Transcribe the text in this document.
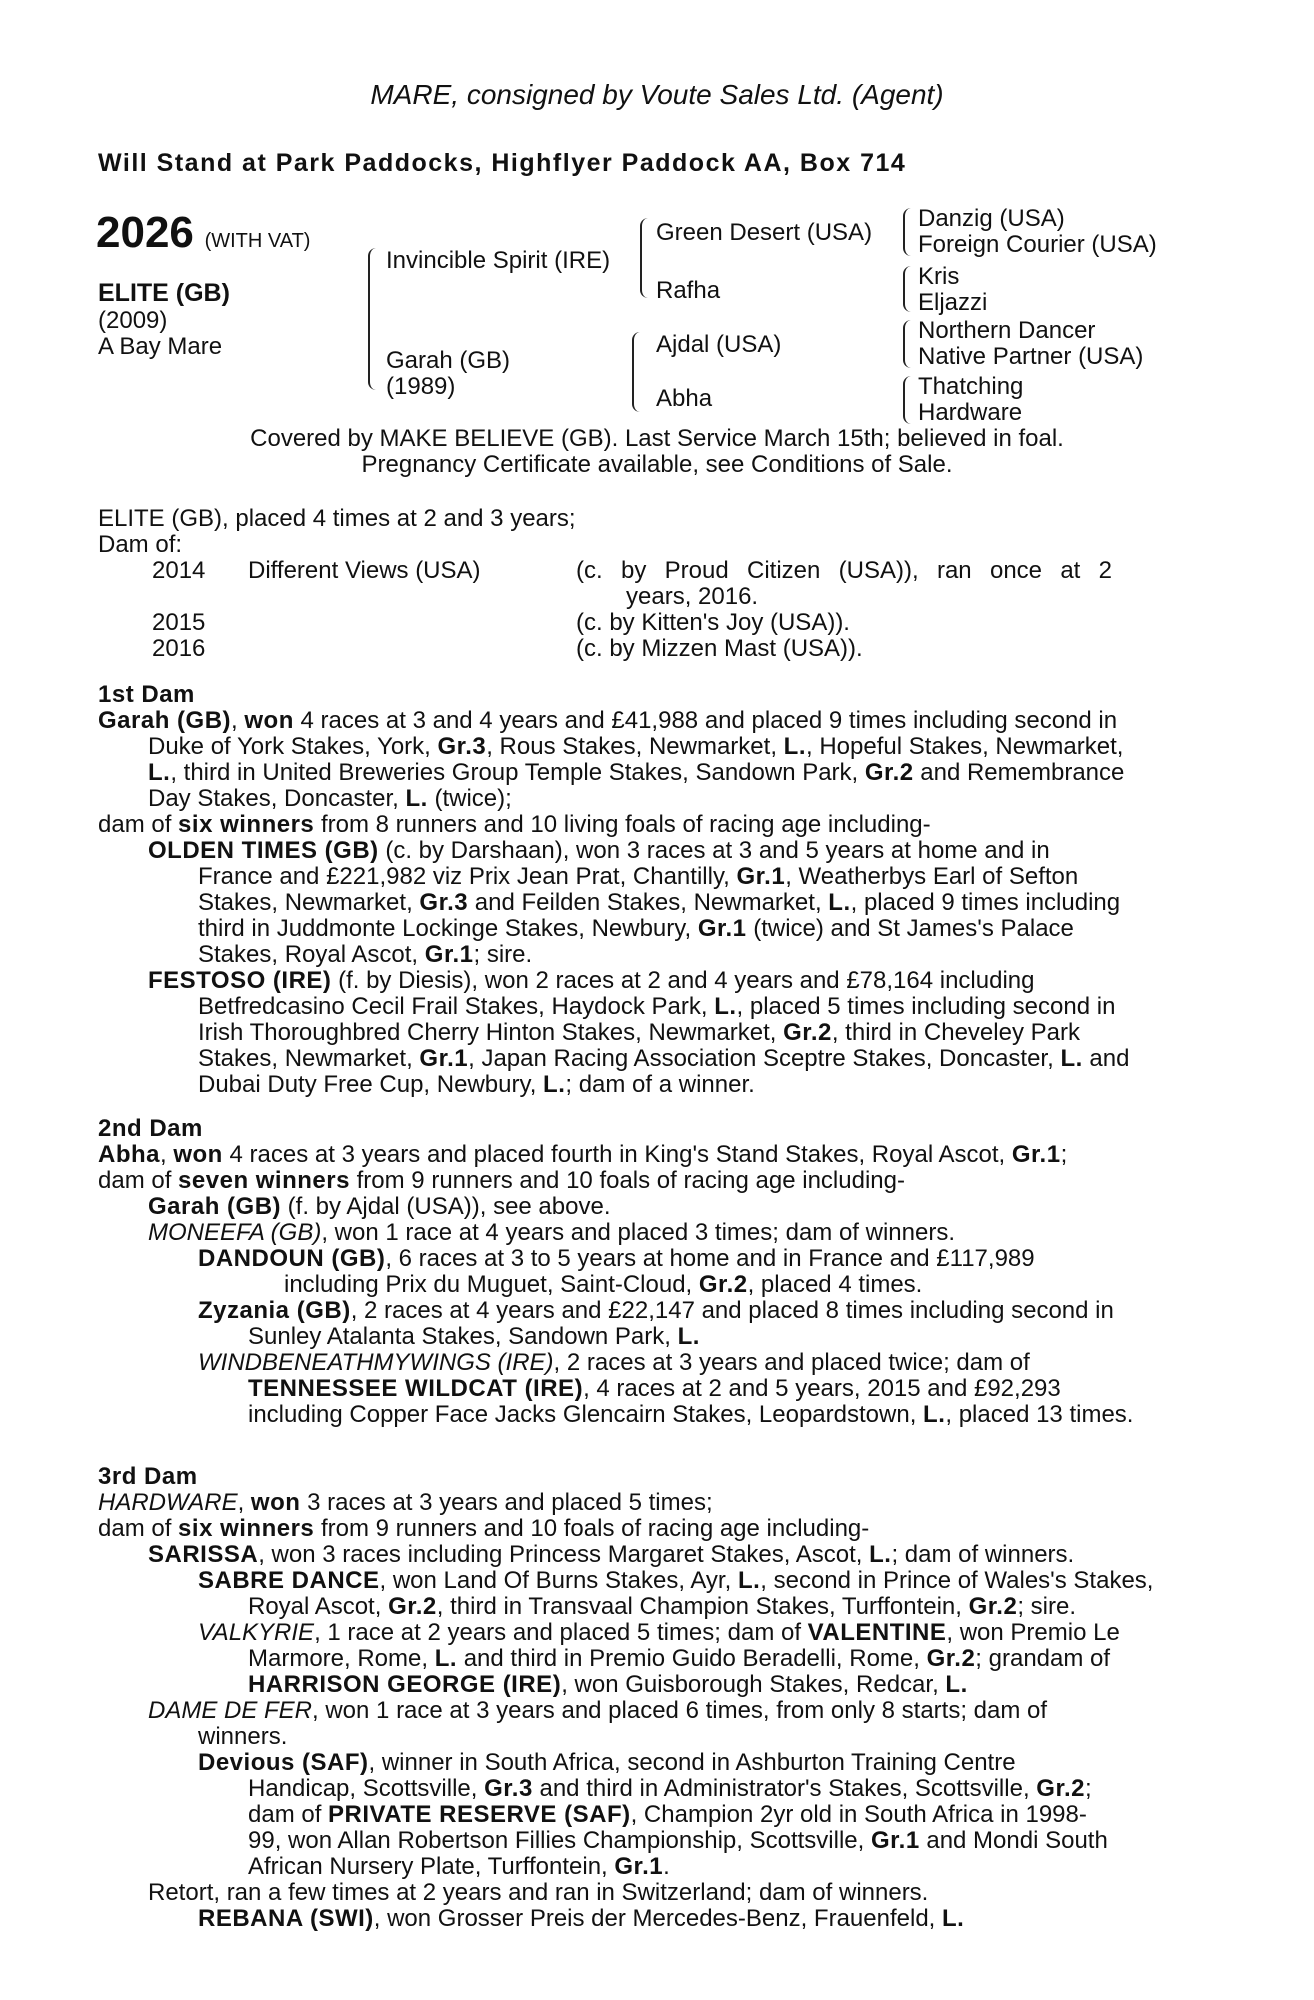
MARE, consigned by Voute Sales Ltd. (Agent)
Will Stand at Park Paddocks, Highflyer Paddock AA, Box 714
2026 (WITH VAT)
ELITE (GB)
(2009)
A Bay Mare
Invincible Spirit (IRE)
Garah (GB)
(1989)
Green Desert (USA)
Rafha
Ajdal (USA)
Abha
Danzig (USA)
Foreign Courier (USA)
Kris
Eljazzi
Northern Dancer
Native Partner (USA)
Thatching
Hardware
Covered by MAKE BELIEVE (GB). Last Service March 15th; believed in foal.
Pregnancy Certificate available, see Conditions of Sale.
ELITE (GB), placed 4 times at 2 and 3 years;
Dam of:
2014 Different Views (USA)	(c. by Proud Citizen (USA)), ran once at 2
years, 2016.
2015	(c. by Kitten's Joy (USA)).
2016	(c. by Mizzen Mast (USA)).
1st Dam
Garah (GB), won 4 races at 3 and 4 years and £41,988 and placed 9 times including second in
Duke of York Stakes, York, Gr.3, Rous Stakes, Newmarket, L., Hopeful Stakes, Newmarket,
L., third in United Breweries Group Temple Stakes, Sandown Park, Gr.2 and Remembrance
Day Stakes, Doncaster, L. (twice);
dam of six winners from 8 runners and 10 living foals of racing age including-
OLDEN TIMES (GB) (c. by Darshaan), won 3 races at 3 and 5 years at home and in
France and £221,982 viz Prix Jean Prat, Chantilly, Gr.1, Weatherbys Earl of Sefton
Stakes, Newmarket, Gr.3 and Feilden Stakes, Newmarket, L., placed 9 times including
third in Juddmonte Lockinge Stakes, Newbury, Gr.1 (twice) and St James's Palace
Stakes, Royal Ascot, Gr.1; sire.
FESTOSO (IRE) (f. by Diesis), won 2 races at 2 and 4 years and £78,164 including
Betfredcasino Cecil Frail Stakes, Haydock Park, L., placed 5 times including second in
Irish Thoroughbred Cherry Hinton Stakes, Newmarket, Gr.2, third in Cheveley Park
Stakes, Newmarket, Gr.1, Japan Racing Association Sceptre Stakes, Doncaster, L. and
Dubai Duty Free Cup, Newbury, L.; dam of a winner.
2nd Dam
Abha, won 4 races at 3 years and placed fourth in King's Stand Stakes, Royal Ascot, Gr.1;
dam of seven winners from 9 runners and 10 foals of racing age including-
Garah (GB) (f. by Ajdal (USA)), see above.
MONEEFA (GB), won 1 race at 4 years and placed 3 times; dam of winners.
DANDOUN (GB), 6 races at 3 to 5 years at home and in France and £117,989
including Prix du Muguet, Saint-Cloud, Gr.2, placed 4 times.
Zyzania (GB), 2 races at 4 years and £22,147 and placed 8 times including second in
Sunley Atalanta Stakes, Sandown Park, L.
WINDBENEATHMYWINGS (IRE), 2 races at 3 years and placed twice; dam of
TENNESSEE WILDCAT (IRE), 4 races at 2 and 5 years, 2015 and £92,293
including Copper Face Jacks Glencairn Stakes, Leopardstown, L., placed 13 times.
3rd Dam
HARDWARE, won 3 races at 3 years and placed 5 times;
dam of six winners from 9 runners and 10 foals of racing age including-
SARISSA, won 3 races including Princess Margaret Stakes, Ascot, L.; dam of winners.
SABRE DANCE, won Land Of Burns Stakes, Ayr, L., second in Prince of Wales's Stakes,
Royal Ascot, Gr.2, third in Transvaal Champion Stakes, Turffontein, Gr.2; sire.
VALKYRIE, 1 race at 2 years and placed 5 times; dam of VALENTINE, won Premio Le
Marmore, Rome, L. and third in Premio Guido Beradelli, Rome, Gr.2; grandam of
HARRISON GEORGE (IRE), won Guisborough Stakes, Redcar, L.
DAME DE FER, won 1 race at 3 years and placed 6 times, from only 8 starts; dam of
winners.
Devious (SAF), winner in South Africa, second in Ashburton Training Centre
Handicap, Scottsville, Gr.3 and third in Administrator's Stakes, Scottsville, Gr.2;
dam of PRIVATE RESERVE (SAF), Champion 2yr old in South Africa in 1998-
99, won Allan Robertson Fillies Championship, Scottsville, Gr.1 and Mondi South
African Nursery Plate, Turffontein, Gr.1.
Retort, ran a few times at 2 years and ran in Switzerland; dam of winners.
REBANA (SWI), won Grosser Preis der Mercedes-Benz, Frauenfeld, L.
